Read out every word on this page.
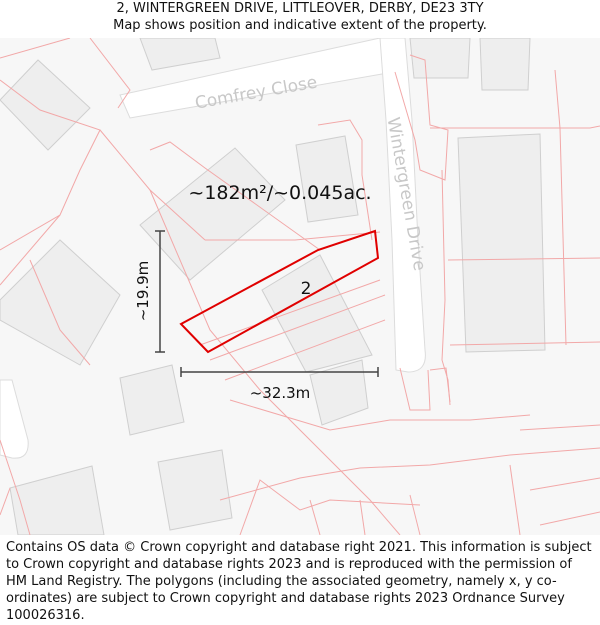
2, WINTERGREEN DRIVE, LITTLEOVER, DERBY, DE23 3TY
Map shows position and indicative extent of the property.
Comfrey Close
Wintergreen Drive
~182m²/~0.045ac.
2
~19.9m
~32.3m
Contains OS data © Crown copyright and database right 2021. This information is subject to Crown copyright and database rights 2023 and is reproduced with the permission of HM Land Registry. The polygons (including the associated geometry, namely x, y co-ordinates) are subject to Crown copyright and database rights 2023 Ordnance Survey 100026316.
